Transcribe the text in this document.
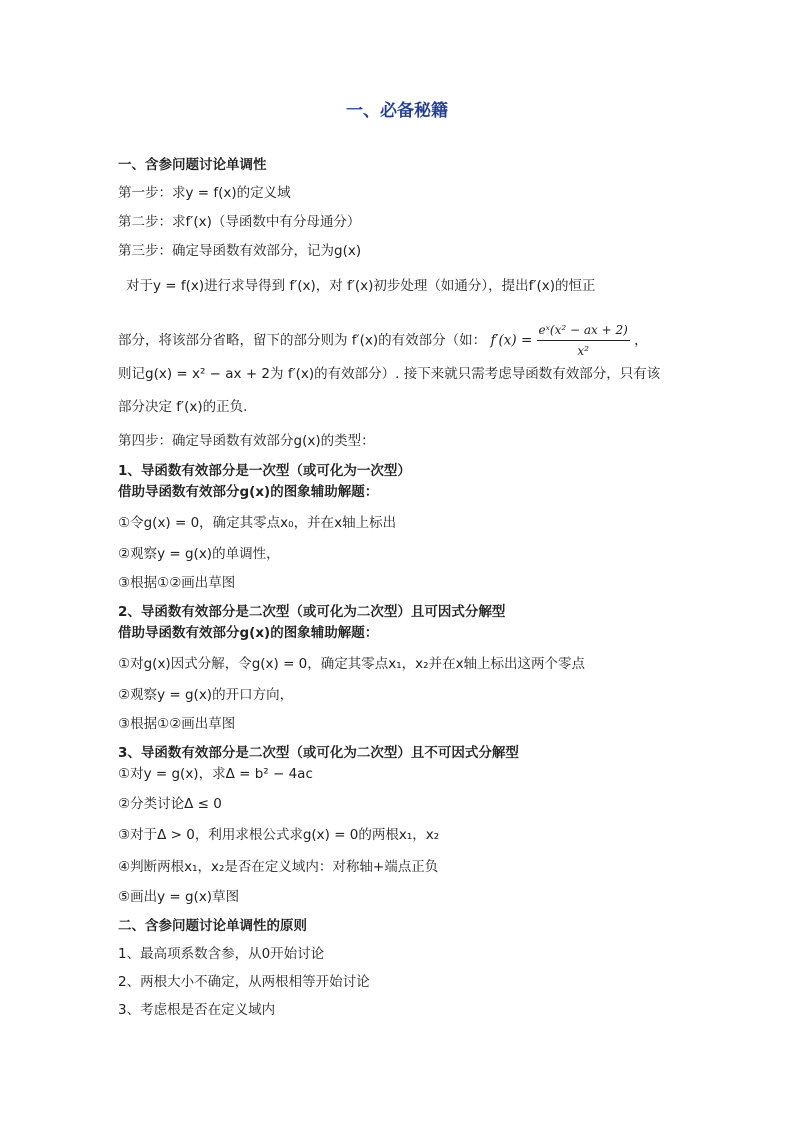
一、必备秘籍
一、含参问题讨论单调性
第一步：求y = f(x)的定义域
第二步：求f′(x)（导函数中有分母通分）
第三步：确定导函数有效部分，记为g(x)
对于y = f(x)进行求导得到 f′(x)，对 f′(x)初步处理（如通分），提出f′(x)的恒正
部分，将该部分省略，留下的部分则为 f′(x)的有效部分（如： $f'(x) = \frac{\text{eˣ(x² − ax + 2)}}{\text{x²}}$ ，
则记g(x) = x² − ax + 2为 f′(x)的有效部分）. 接下来就只需考虑导函数有效部分，只有该
部分决定 f′(x)的正负.
第四步：确定导函数有效部分g(x)的类型：
1、导函数有效部分是一次型（或可化为一次型）
借助导函数有效部分g(x)的图象辅助解题：
①令g(x) = 0，确定其零点x₀，并在x轴上标出
②观察y = g(x)的单调性，
③根据①②画出草图
2、导函数有效部分是二次型（或可化为二次型）且可因式分解型
借助导函数有效部分g(x)的图象辅助解题：
①对g(x)因式分解，令g(x) = 0，确定其零点x₁，x₂并在x轴上标出这两个零点
②观察y = g(x)的开口方向，
③根据①②画出草图
3、导函数有效部分是二次型（或可化为二次型）且不可因式分解型
①对y = g(x)，求Δ = b² − 4ac
②分类讨论Δ ≤ 0
③对于Δ > 0，利用求根公式求g(x) = 0的两根x₁，x₂
④判断两根x₁，x₂是否在定义域内：对称轴+端点正负
⑤画出y = g(x)草图
二、含参问题讨论单调性的原则
1、最高项系数含参，从0开始讨论
2、两根大小不确定，从两根相等开始讨论
3、考虑根是否在定义域内
